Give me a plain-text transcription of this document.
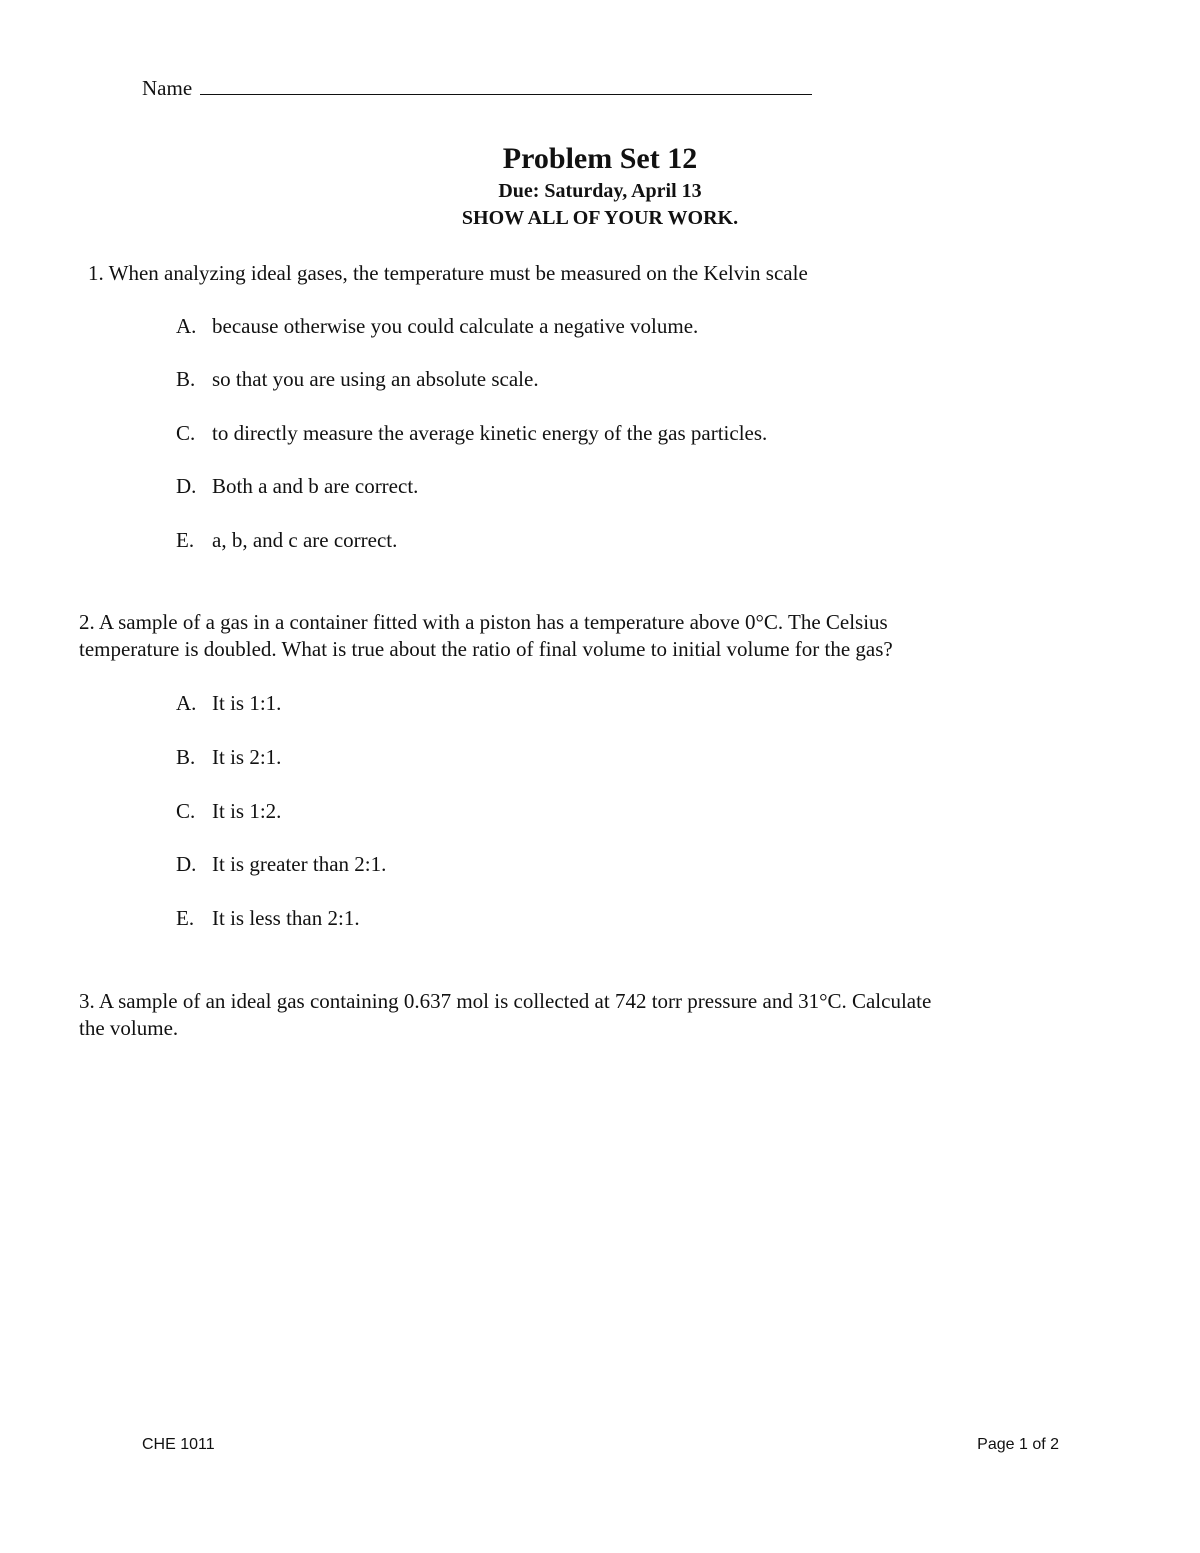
Name
Problem Set 12
Due: Saturday, April 13
SHOW ALL OF YOUR WORK.
1. When analyzing ideal gases, the temperature must be measured on the Kelvin scale
A. because otherwise you could calculate a negative volume.
B. so that you are using an absolute scale.
C. to directly measure the average kinetic energy of the gas particles.
D. Both a and b are correct.
E. a, b, and c are correct.
2. A sample of a gas in a container fitted with a piston has a temperature above 0°C. The Celsius
temperature is doubled. What is true about the ratio of final volume to initial volume for the gas?
A. It is 1:1.
B. It is 2:1.
C. It is 1:2.
D. It is greater than 2:1.
E. It is less than 2:1.
3. A sample of an ideal gas containing 0.637 mol is collected at 742 torr pressure and 31°C. Calculate
the volume.
CHE 1011	Page 1 of 2
